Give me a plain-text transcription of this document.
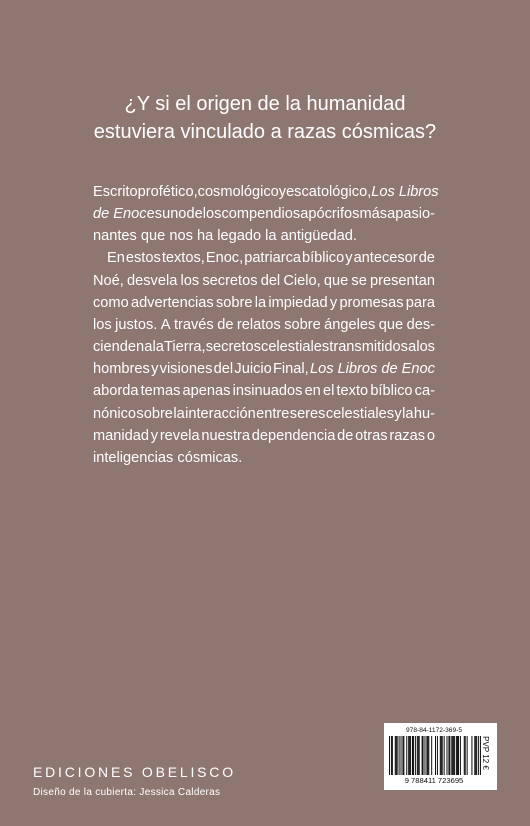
¿Y si el origen de la humanidad
estuviera vinculado a razas cósmicas?
Escrito profético, cosmológico y escatológico, Los Libros
de Enoc es uno de los compendios apócrifos más apasio-
nantes que nos ha legado la antigüedad.
En estos textos, Enoc, patriarca bíblico y antecesor de
Noé, desvela los secretos del Cielo, que se presentan
como advertencias sobre la impiedad y promesas para
los justos. A través de relatos sobre ángeles que des-
cienden a la Tierra, secretos celestiales transmitidos a los
hombres y visiones del Juicio Final, Los Libros de Enoc
aborda temas apenas insinuados en el texto bíblico ca-
nónico sobre la interacción entre seres celestiales y la hu-
manidad y revela nuestra dependencia de otras razas o
inteligencias cósmicas.
EDICIONES OBELISCO
Diseño de la cubierta: Jessica Calderas
978-84-1172-369-5
9 788411 723695
PVP 12 €
